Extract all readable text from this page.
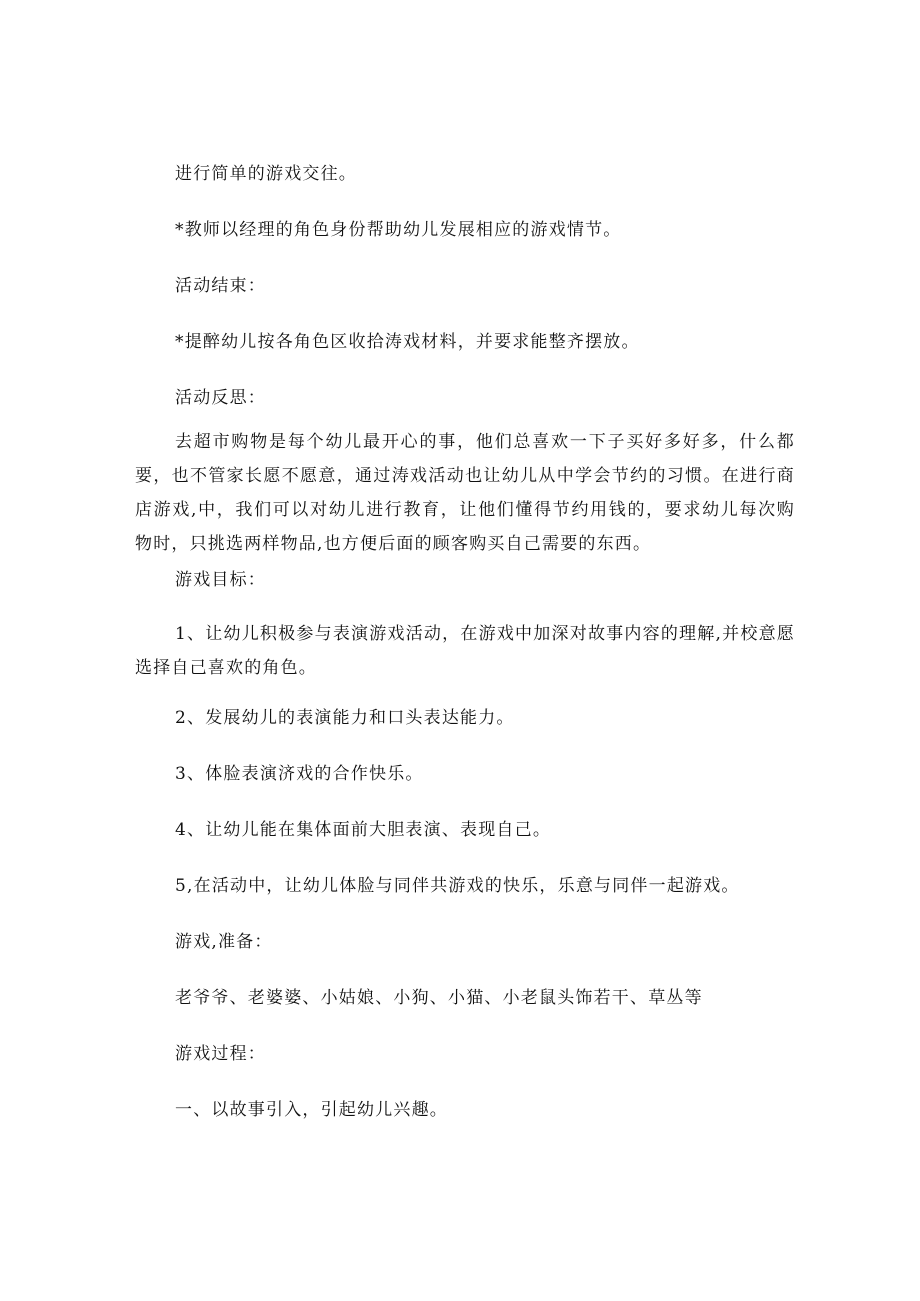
进行简单的游戏交往。

*教师以经理的角色身份帮助幼儿发展相应的游戏情节。

活动结束：

*提醉幼儿按各角色区收拾涛戏材料，并要求能整齐摆放。

活动反思：

去超市购物是每个幼儿最开心的事，他们总喜欢一下子买好多好多，什么都要，也不管家长愿不愿意，通过涛戏活动也让幼儿从中学会节约的习惯。在进行商店游戏,中，我们可以对幼儿进行教育，让他们懂得节约用钱的，要求幼儿每次购物时，只挑选两样物品,也方便后面的顾客购买自己需要的东西。

游戏目标：

1、让幼儿积极参与表演游戏活动，在游戏中加深对故事内容的理解,并校意愿选择自己喜欢的角色。

2、发展幼儿的表演能力和口头表达能力。

3、体脸表演济戏的合作快乐。

4、让幼儿能在集体面前大胆表演、表现自己。

5,在活动中，让幼儿体脸与同伴共游戏的快乐，乐意与同伴一起游戏。

游戏,准备：

老爷爷、老婆婆、小姑娘、小狗、小猫、小老鼠头饰若干、草丛等

游戏过程：

一、以故事引入，引起幼儿兴趣。
